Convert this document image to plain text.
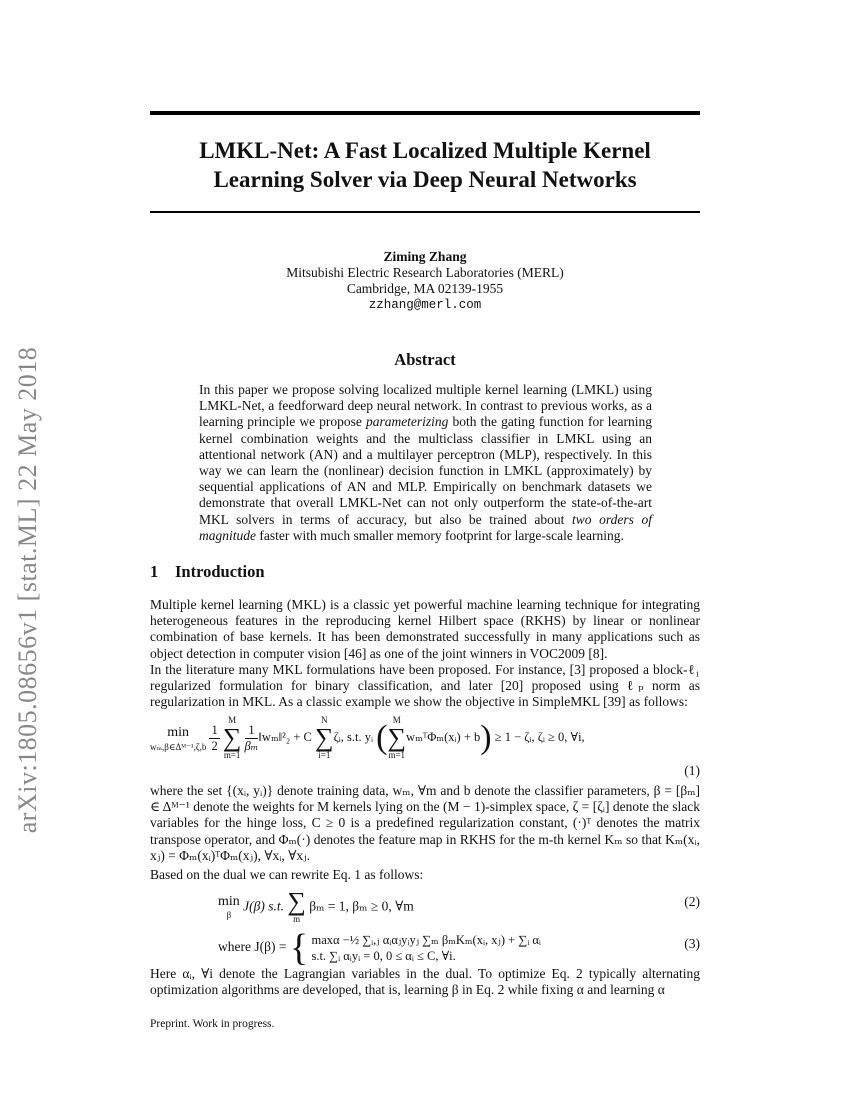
arXiv:1805.08656v1 [stat.ML] 22 May 2018
LMKL-Net: A Fast Localized Multiple Kernel
Learning Solver via Deep Neural Networks
Ziming Zhang
Mitsubishi Electric Research Laboratories (MERL)
Cambridge, MA 02139-1955
zzhang@merl.com
Abstract
In this paper we propose solving localized multiple kernel learning (LMKL) using LMKL-Net, a feedforward deep neural network. In contrast to previous works, as a learning principle we propose parameterizing both the gating function for learning kernel combination weights and the multiclass classifier in LMKL using an attentional network (AN) and a multilayer perceptron (MLP), respectively. In this way we can learn the (nonlinear) decision function in LMKL (approximately) by sequential applications of AN and MLP. Empirically on benchmark datasets we demonstrate that overall LMKL-Net can not only outperform the state-of-the-art MKL solvers in terms of accuracy, but also be trained about two orders of magnitude faster with much smaller memory footprint for large-scale learning.
1 Introduction
Multiple kernel learning (MKL) is a classic yet powerful machine learning technique for integrating heterogeneous features in the reproducing kernel Hilbert space (RKHS) by linear or nonlinear combination of base kernels. It has been demonstrated successfully in many applications such as object detection in computer vision [46] as one of the joint winners in VOC2009 [8].
In the literature many MKL formulations have been proposed. For instance, [3] proposed a block-ℓ₁ regularized formulation for binary classification, and later [20] proposed using ℓₚ norm as regularization in MKL. As a classic example we show the objective in SimpleMKL [39] as follows:
min
wₘ,β∈Δᴹ⁻¹,ζ,b
$\frac{1}{2}$

M
∑
m=1

$\frac{1}{\text{βₘ}}$ ‖wₘ‖²₂ + C
N
∑
i=1
ζᵢ, s.t. yᵢ ( M
∑
m=1
wₘᵀΦₘ(xᵢ) + b) ≥ 1 − ζᵢ, ζᵢ ≥ 0, ∀i,
(1)
where the set {(xᵢ, yᵢ)} denote training data, wₘ, ∀m and b denote the classifier parameters, β = [βₘ] ∈ Δᴹ⁻¹ denote the weights for M kernels lying on the (M − 1)-simplex space, ζ = [ζᵢ] denote the slack variables for the hinge loss, C ≥ 0 is a predefined regularization constant, (·)ᵀ denotes the matrix transpose operator, and Φₘ(·) denotes the feature map in RKHS for the m-th kernel Kₘ so that Kₘ(xᵢ, xⱼ) = Φₘ(xᵢ)ᵀΦₘ(xⱼ), ∀xᵢ, ∀xⱼ.
Based on the dual we can rewrite Eq. 1 as follows:
min
β
J(β) s.t. ∑
m
βₘ = 1, βₘ ≥ 0, ∀m	(2)
where J(β) = { maxα −½ ∑ᵢ,ⱼ αᵢαⱼyᵢyⱼ ∑ₘ βₘKₘ(xᵢ, xⱼ) + ∑ᵢ αᵢ
s.t. ∑ᵢ αᵢyᵢ = 0, 0 ≤ αᵢ ≤ C, ∀i.
(3)
Here αᵢ, ∀i denote the Lagrangian variables in the dual. To optimize Eq. 2 typically alternating optimization algorithms are developed, that is, learning β in Eq. 2 while fixing α and learning α
Preprint. Work in progress.
